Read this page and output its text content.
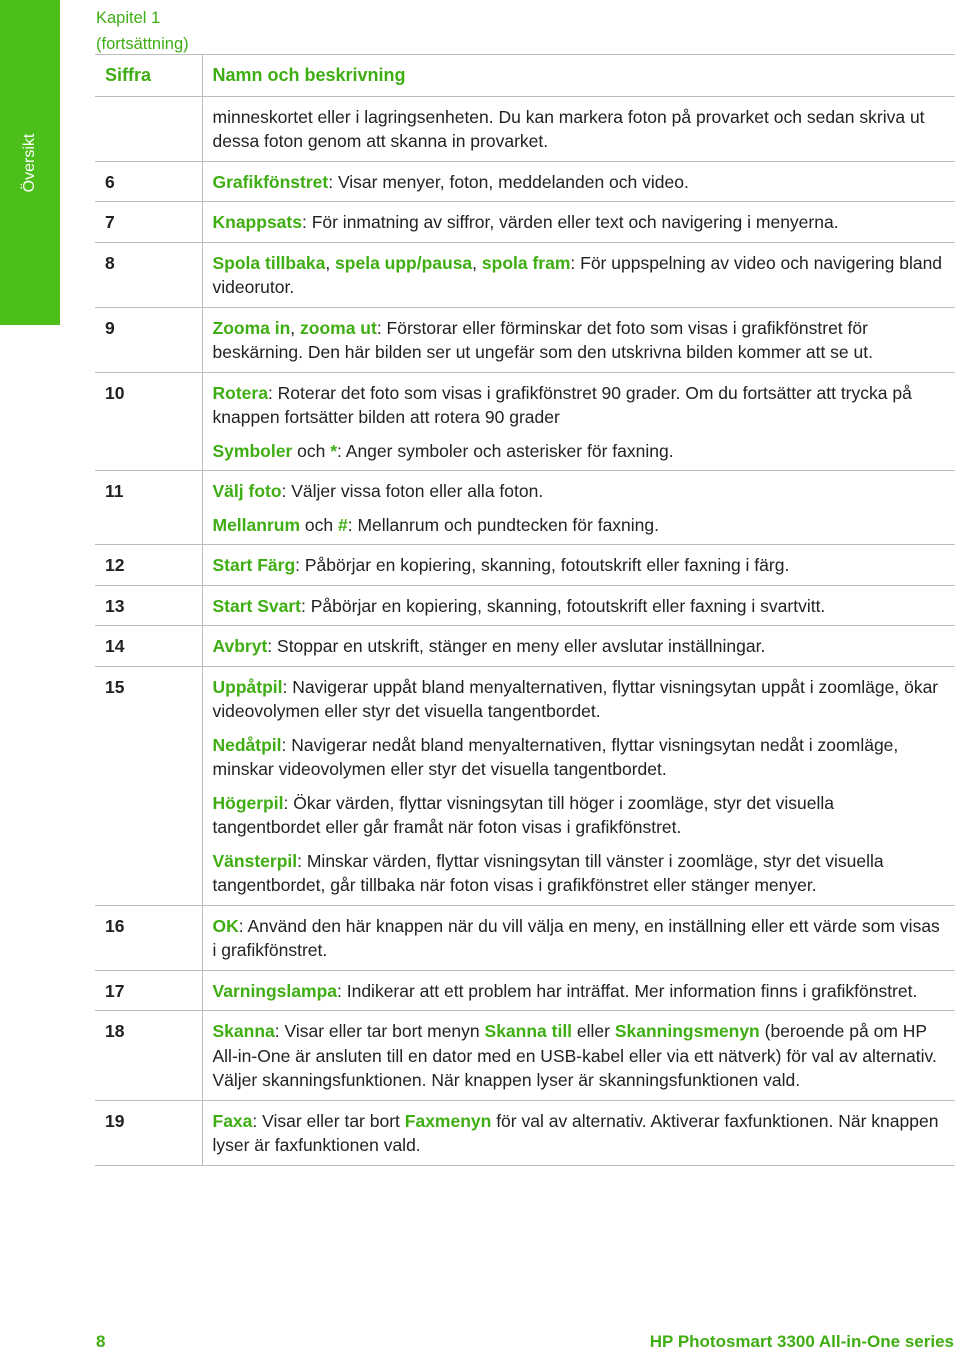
Översikt
Kapitel 1
(fortsättning)
Siffra	Namn och beskrivning

	minneskortet eller i lagringsenheten. Du kan markera foton på provarket och sedan skriva ut dessa foton genom att skanna in provarket.

6	Grafikfönstret: Visar menyer, foton, meddelanden och video.

7	Knappsats: För inmatning av siffror, värden eller text och navigering i menyerna.

8	Spola tillbaka, spela upp/pausa, spola fram: För uppspelning av video och navigering bland videorutor.

9	Zooma in, zooma ut: Förstorar eller förminskar det foto som visas i grafikfönstret för beskärning. Den här bilden ser ut ungefär som den utskrivna bilden kommer att se ut.

10	Rotera: Roterar det foto som visas i grafikfönstret 90 grader. Om du fortsätter att trycka på knappen fortsätter bilden att rotera 90 grader
Symboler och *: Anger symboler och asterisker för faxning.

11	Välj foto: Väljer vissa foton eller alla foton.
Mellanrum och #: Mellanrum och pundtecken för faxning.

12	Start Färg: Påbörjar en kopiering, skanning, fotoutskrift eller faxning i färg.

13	Start Svart: Påbörjar en kopiering, skanning, fotoutskrift eller faxning i svartvitt.

14	Avbryt: Stoppar en utskrift, stänger en meny eller avslutar inställningar.

15	Uppåtpil: Navigerar uppåt bland menyalternativen, flyttar visningsytan uppåt i zoomläge, ökar videovolymen eller styr det visuella tangentbordet.
Nedåtpil: Navigerar nedåt bland menyalternativen, flyttar visningsytan nedåt i zoomläge, minskar videovolymen eller styr det visuella tangentbordet.
Högerpil: Ökar värden, flyttar visningsytan till höger i zoomläge, styr det visuella tangentbordet eller går framåt när foton visas i grafikfönstret.
Vänsterpil: Minskar värden, flyttar visningsytan till vänster i zoomläge, styr det visuella tangentbordet, går tillbaka när foton visas i grafikfönstret eller stänger menyer.

16	OK: Använd den här knappen när du vill välja en meny, en inställning eller ett värde som visas i grafikfönstret.

17	Varningslampa: Indikerar att ett problem har inträffat. Mer information finns i grafikfönstret.

18	Skanna: Visar eller tar bort menyn Skanna till eller Skanningsmenyn (beroende på om HP All-in-One är ansluten till en dator med en USB-kabel eller via ett nätverk) för val av alternativ. Väljer skanningsfunktionen. När knappen lyser är skanningsfunktionen vald.

19	Faxa: Visar eller tar bort Faxmenyn för val av alternativ. Aktiverar faxfunktionen. När knappen lyser är faxfunktionen vald.
8	HP Photosmart 3300 All-in-One series
